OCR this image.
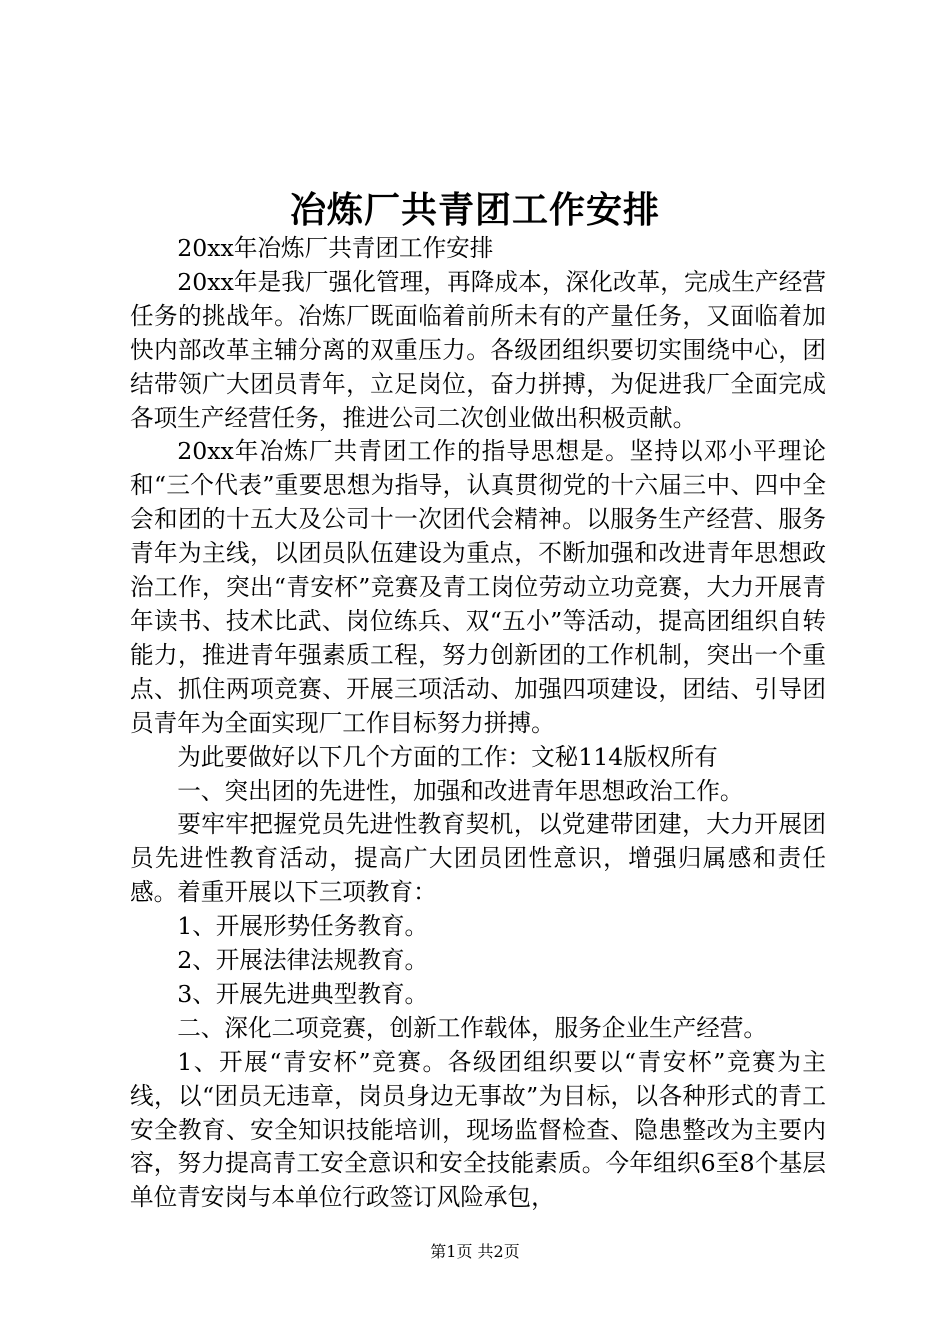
冶炼厂共青团工作安排

20xx年冶炼厂共青团工作安排

20xx年是我厂强化管理，再降成本，深化改革，完成生产经营任务的挑战年。冶炼厂既面临着前所未有的产量任务，又面临着加快内部改革主辅分离的双重压力。各级团组织要切实围绕中心，团结带领广大团员青年，立足岗位，奋力拼搏，为促进我厂全面完成各项生产经营任务，推进公司二次创业做出积极贡献。

20xx年冶炼厂共青团工作的指导思想是。坚持以邓小平理论和“三个代表”重要思想为指导，认真贯彻党的十六届三中、四中全会和团的十五大及公司十一次团代会精神。以服务生产经营、服务青年为主线，以团员队伍建设为重点，不断加强和改进青年思想政治工作，突出“青安杯”竞赛及青工岗位劳动立功竞赛，大力开展青年读书、技术比武、岗位练兵、双“五小”等活动，提高团组织自转能力，推进青年强素质工程，努力创新团的工作机制，突出一个重点、抓住两项竞赛、开展三项活动、加强四项建设，团结、引导团员青年为全面实现厂工作目标努力拼搏。

为此要做好以下几个方面的工作：文秘114版权所有

一、突出团的先进性，加强和改进青年思想政治工作。

要牢牢把握党员先进性教育契机，以党建带团建，大力开展团员先进性教育活动，提高广大团员团性意识，增强归属感和责任感。着重开展以下三项教育：

1、开展形势任务教育。

2、开展法律法规教育。

3、开展先进典型教育。

二、深化二项竞赛，创新工作载体，服务企业生产经营。

1、开展“青安杯”竞赛。各级团组织要以“青安杯”竞赛为主线，以“团员无违章，岗员身边无事故”为目标，以各种形式的青工安全教育、安全知识技能培训，现场监督检查、隐患整改为主要内容，努力提高青工安全意识和安全技能素质。今年组织6至8个基层单位青安岗与本单位行政签订风险承包，

第1页 共2页
